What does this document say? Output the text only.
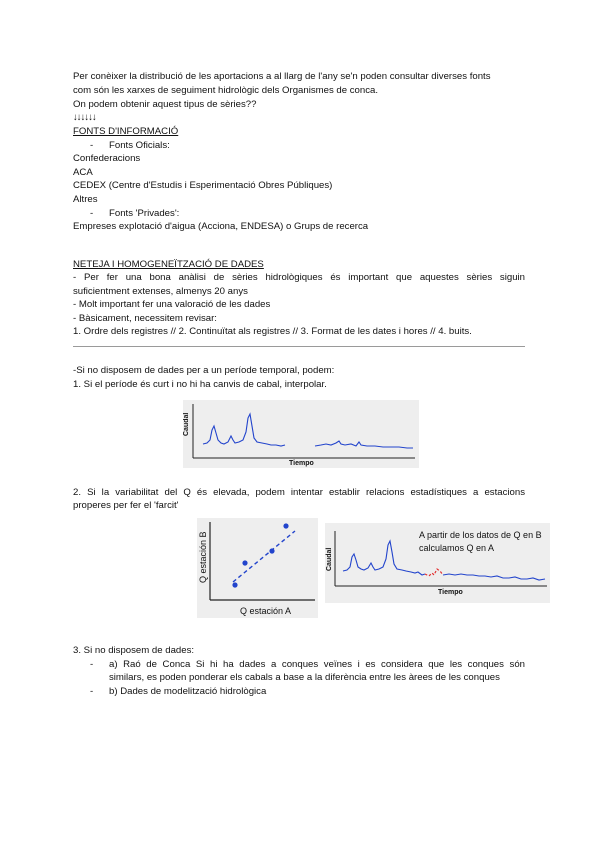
Per conèixer la distribució de les aportacions a al llarg de l'any se'n poden consultar diverses fonts
com són les xarxes de seguiment hidrològic dels Organismes de conca.
On podem obtenir aquest tipus de sèries??
↓↓↓↓↓↓
FONTS D'INFORMACIÓ
- Fonts Oficials:
Confederacions
ACA
CEDEX (Centre d'Estudis i Esperimentació Obres Públiques)
Altres
- Fonts 'Privades':
Empreses explotació d'aigua (Acciona, ENDESA) o Grups de recerca
NETEJA I HOMOGENEÏTZACIÓ DE DADES
- Per fer una bona anàlisi de sèries hidrològiques és important que aquestes sèries siguin
suficientment extenses, almenys 20 anys
- Molt important fer una valoració de les dades
- Bàsicament, necessitem revisar:
1. Ordre dels registres // 2. Continuïtat als registres // 3. Format de les dates i hores // 4. buits.
-Si no disposem de dades per a un període temporal, podem:
1. Si el període és curt i no hi ha canvis de cabal, interpolar.
Caudal
Tiempo
2. Si la variabilitat del Q és elevada, podem intentar establir relacions estadístiques a estacions
properes per fer el 'farcit'
Q estación A
Q estación B	Caudal
Tiempo
A partir de los datos de Q en B
calculamos Q en A
3. Si no disposem de dades:
- a) Raó de Conca Si hi ha dades a conques veïnes i es considera que les conques són
similars, es poden ponderar els cabals a base a la diferència entre les àrees de les conques
- b) Dades de modelització hidrològica
